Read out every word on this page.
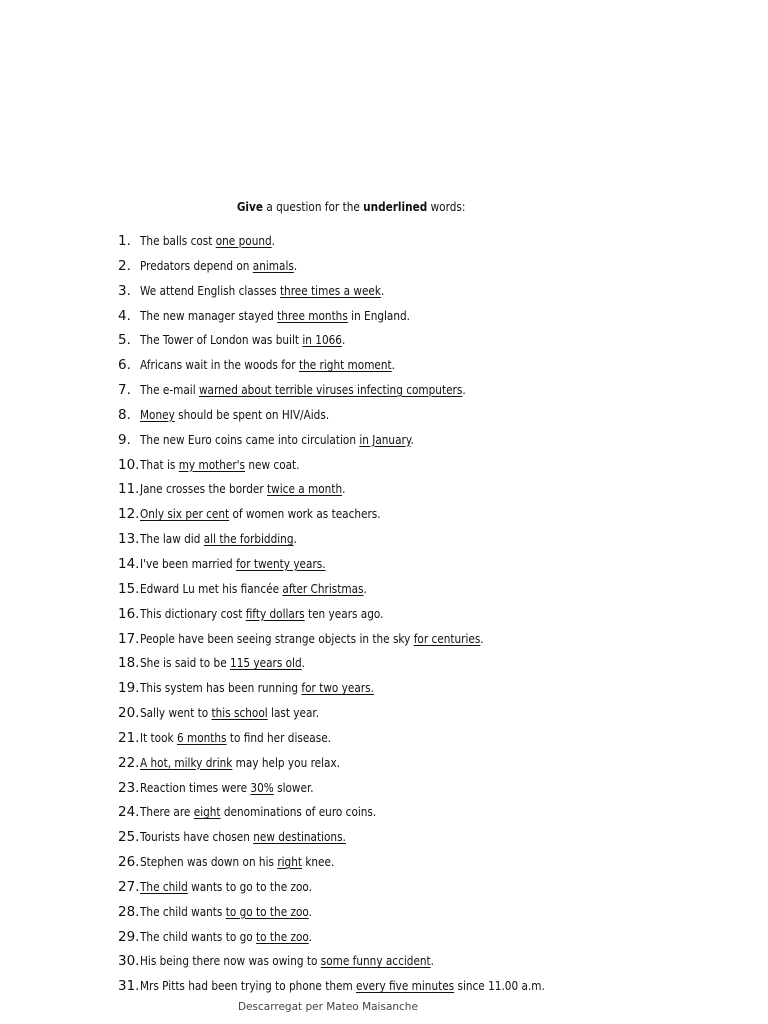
Give a question for the underlined words:
1. The balls cost one pound.
2. Predators depend on animals.
3. We attend English classes three times a week.
4. The new manager stayed three months in England.
5. The Tower of London was built in 1066.
6. Africans wait in the woods for the right moment.
7. The e-mail warned about terrible viruses infecting computers.
8. Money should be spent on HIV/Aids.
9. The new Euro coins came into circulation in January.
10. That is my mother's new coat.
11. Jane crosses the border twice a month.
12. Only six per cent of women work as teachers.
13. The law did all the forbidding.
14. I've been married for twenty years.
15. Edward Lu met his fiancée after Christmas.
16. This dictionary cost fifty dollars ten years ago.
17. People have been seeing strange objects in the sky for centuries.
18. She is said to be 115 years old.
19. This system has been running for two years.
20. Sally went to this school last year.
21. It took 6 months to find her disease.
22. A hot, milky drink may help you relax.
23. Reaction times were 30% slower.
24. There are eight denominations of euro coins.
25. Tourists have chosen new destinations.
26. Stephen was down on his right knee.
27. The child wants to go to the zoo.
28. The child wants to go to the zoo.
29. The child wants to go to the zoo.
30. His being there now was owing to some funny accident.
31. Mrs Pitts had been trying to phone them every five minutes since 11.00 a.m.
Descarregat per Mateo Maisanche
